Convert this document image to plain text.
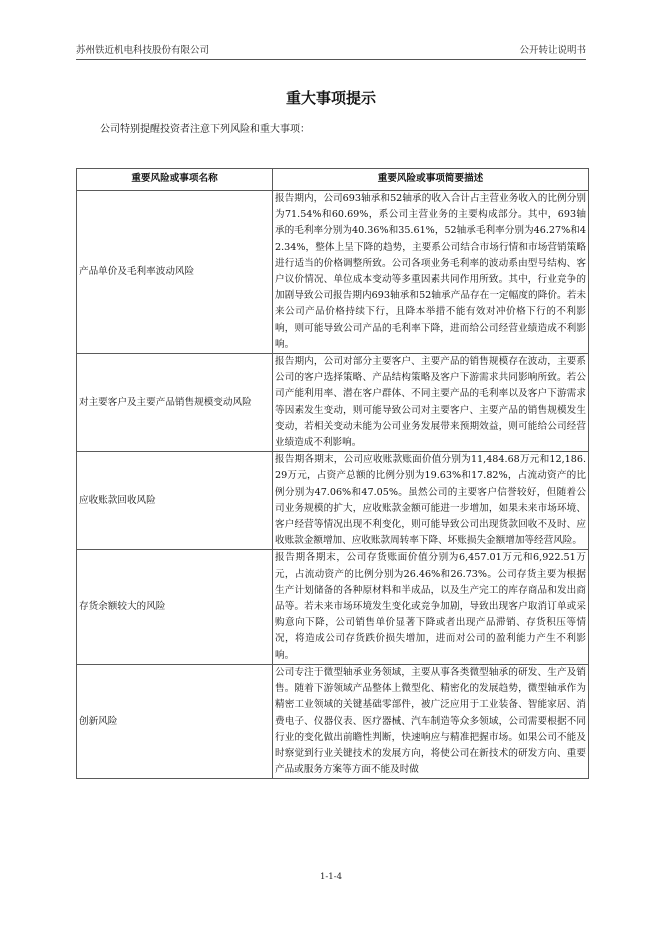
苏州铁近机电科技股份有限公司	公开转让说明书
重大事项提示
公司特别提醒投资者注意下列风险和重大事项：
重要风险或事项名称	重要风险或事项简要描述
产品单价及毛利率波动风险	报告期内，公司693轴承和52轴承的收入合计占主营业务收入的比例分别为71.54%和60.69%，系公司主营业务的主要构成部分。其中，693轴承的毛利率分别为40.36%和35.61%，52轴承毛利率分别为46.27%和42.34%，整体上呈下降的趋势，主要系公司结合市场行情和市场营销策略进行适当的价格调整所致。公司各项业务毛利率的波动系由型号结构、客户议价情况、单位成本变动等多重因素共同作用所致。其中，行业竞争的加剧导致公司报告期内693轴承和52轴承产品存在一定幅度的降价。若未来公司产品价格持续下行，且降本举措不能有效对冲价格下行的不利影响，则可能导致公司产品的毛利率下降，进而给公司经营业绩造成不利影响。
对主要客户及主要产品销售规模变动风险	报告期内，公司对部分主要客户、主要产品的销售规模存在波动，主要系公司的客户选择策略、产品结构策略及客户下游需求共同影响所致。若公司产能利用率、潜在客户群体、不同主要产品的毛利率以及客户下游需求等因素发生变动，则可能导致公司对主要客户、主要产品的销售规模发生变动，若相关变动未能为公司业务发展带来预期效益，则可能给公司经营业绩造成不利影响。
应收账款回收风险	报告期各期末，公司应收账款账面价值分别为11,484.68万元和12,186.29万元，占资产总额的比例分别为19.63%和17.82%，占流动资产的比例分别为47.06%和47.05%。虽然公司的主要客户信誉较好，但随着公司业务规模的扩大，应收账款金额可能进一步增加，如果未来市场环境、客户经营等情况出现不利变化，则可能导致公司出现货款回收不及时、应收账款金额增加、应收账款周转率下降、坏账损失金额增加等经营风险。
存货余额较大的风险	报告期各期末，公司存货账面价值分别为6,457.01万元和6,922.51万元，占流动资产的比例分别为26.46%和26.73%。公司存货主要为根据生产计划储备的各种原材料和半成品，以及生产完工的库存商品和发出商品等。若未来市场环境发生变化或竞争加剧，导致出现客户取消订单或采购意向下降，公司销售单价显著下降或者出现产品滞销、存货积压等情况，将造成公司存货跌价损失增加，进而对公司的盈利能力产生不利影响。
创新风险	公司专注于微型轴承业务领域，主要从事各类微型轴承的研发、生产及销售。随着下游领域产品整体上微型化、精密化的发展趋势，微型轴承作为精密工业领域的关键基础零部件，被广泛应用于工业装备、智能家居、消费电子、仪器仪表、医疗器械、汽车制造等众多领域，公司需要根据不同行业的变化做出前瞻性判断，快速响应与精准把握市场。如果公司不能及时察觉到行业关键技术的发展方向，将使公司在新技术的研发方向、重要产品或服务方案等方面不能及时做
1-1-4
